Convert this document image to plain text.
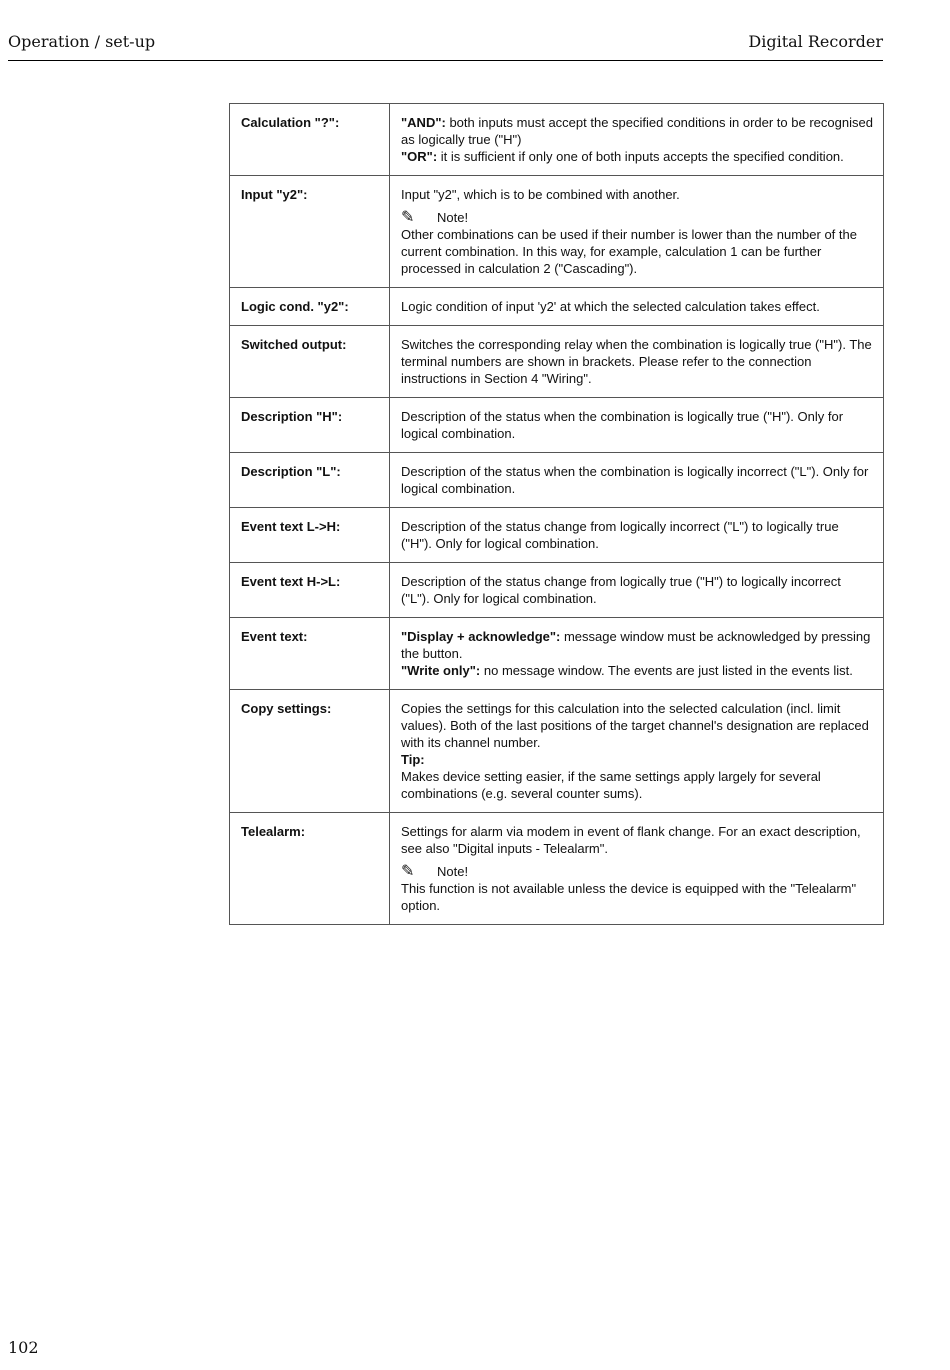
Operation / set-up	Digital Recorder
Calculation "?":	"AND": both inputs must accept the specified conditions in order to be recognised as logically true ("H")
"OR": it is sufficient if only one of both inputs accepts the specified condition.

Input "y2":	Input "y2", which is to be combined with another.
✎ Note!
Other combinations can be used if their number is lower than the number of the current combination. In this way, for example, calculation 1 can be further processed in calculation 2 ("Cascading").

Logic cond. "y2":	Logic condition of input 'y2' at which the selected calculation takes effect.
Switched output:	Switches the corresponding relay when the combination is logically true ("H"). The terminal numbers are shown in brackets. Please refer to the connection instructions in Section 4 "Wiring".
Description "H":	Description of the status when the combination is logically true ("H"). Only for logical combination.
Description "L":	Description of the status when the combination is logically incorrect ("L"). Only for logical combination.
Event text L->H:	Description of the status change from logically incorrect ("L") to logically true ("H"). Only for logical combination.
Event text H->L:	Description of the status change from logically true ("H") to logically incorrect ("L"). Only for logical combination.
Event text:	"Display + acknowledge": message window must be acknowledged by pressing the button.
"Write only": no message window. The events are just listed in the events list.

Copy settings:	Copies the settings for this calculation into the selected calculation (incl. limit values). Both of the last positions of the target channel's designation are replaced with its channel number.
Tip:
Makes device setting easier, if the same settings apply largely for several combinations (e.g. several counter sums).

Telealarm:	Settings for alarm via modem in event of flank change. For an exact description, see also "Digital inputs - Telealarm".
✎ Note!
This function is not available unless the device is equipped with the "Telealarm" option.
102
